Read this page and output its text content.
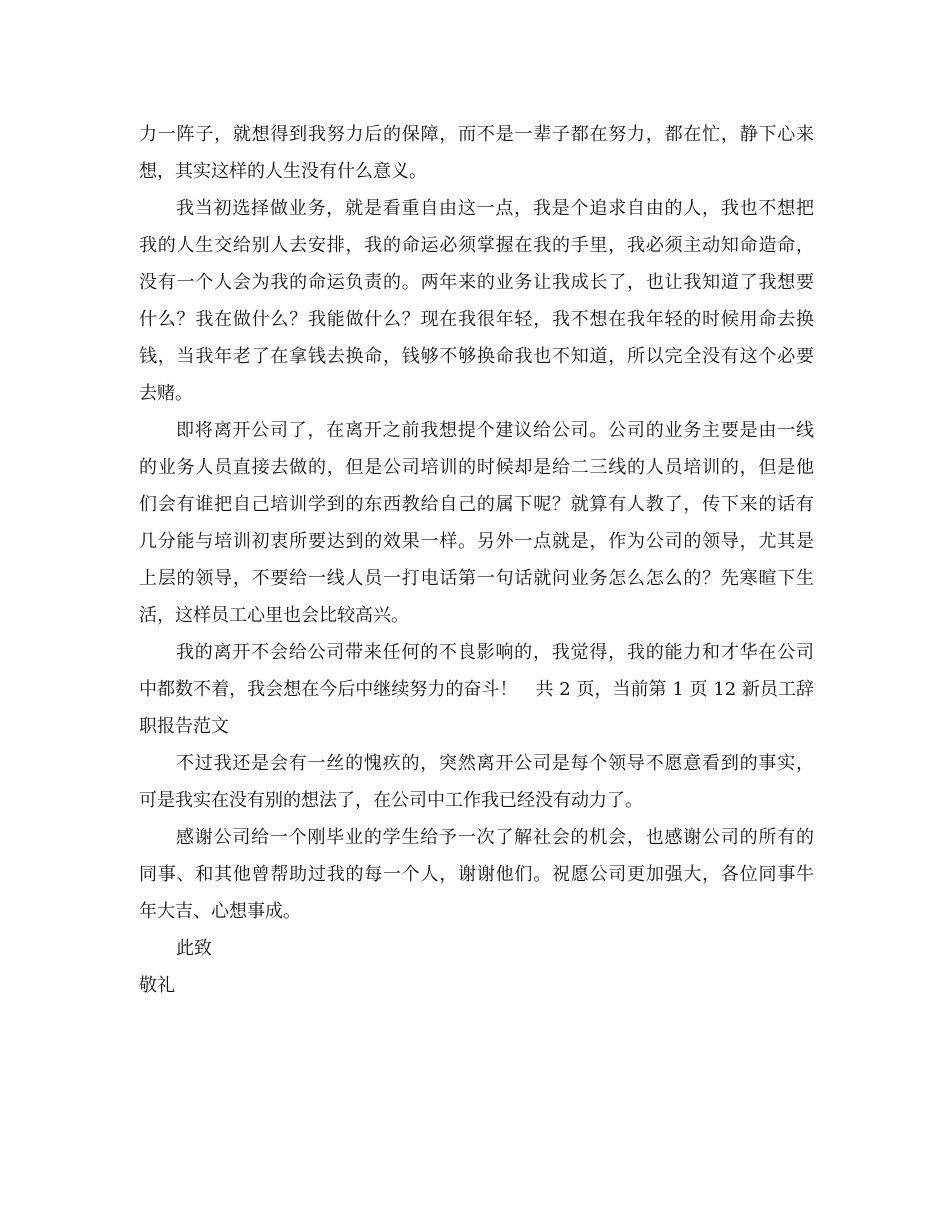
力一阵子，就想得到我努力后的保障，而不是一辈子都在努力，都在忙，静下心来
想，其实这样的人生没有什么意义。
我当初选择做业务，就是看重自由这一点，我是个追求自由的人，我也不想把
我的人生交给别人去安排，我的命运必须掌握在我的手里，我必须主动知命造命，
没有一个人会为我的命运负责的。两年来的业务让我成长了，也让我知道了我想要
什么？我在做什么？我能做什么？现在我很年轻，我不想在我年轻的时候用命去换
钱，当我年老了在拿钱去换命，钱够不够换命我也不知道，所以完全没有这个必要
去赌。
即将离开公司了，在离开之前我想提个建议给公司。公司的业务主要是由一线
的业务人员直接去做的，但是公司培训的时候却是给二三线的人员培训的，但是他
们会有谁把自己培训学到的东西教给自己的属下呢？就算有人教了，传下来的话有
几分能与培训初衷所要达到的效果一样。另外一点就是，作为公司的领导，尤其是
上层的领导，不要给一线人员一打电话第一句话就问业务怎么怎么的？先寒暄下生
活，这样员工心里也会比较高兴。
我的离开不会给公司带来任何的不良影响的，我觉得，我的能力和才华在公司
中都数不着，我会想在今后中继续努力的奋斗！　共 2 页，当前第 1 页 12 新员工辞
职报告范文
不过我还是会有一丝的愧疚的，突然离开公司是每个领导不愿意看到的事实，
可是我实在没有别的想法了，在公司中工作我已经没有动力了。
感谢公司给一个刚毕业的学生给予一次了解社会的机会，也感谢公司的所有的
同事、和其他曾帮助过我的每一个人，谢谢他们。祝愿公司更加强大，各位同事牛
年大吉、心想事成。
此致
敬礼
